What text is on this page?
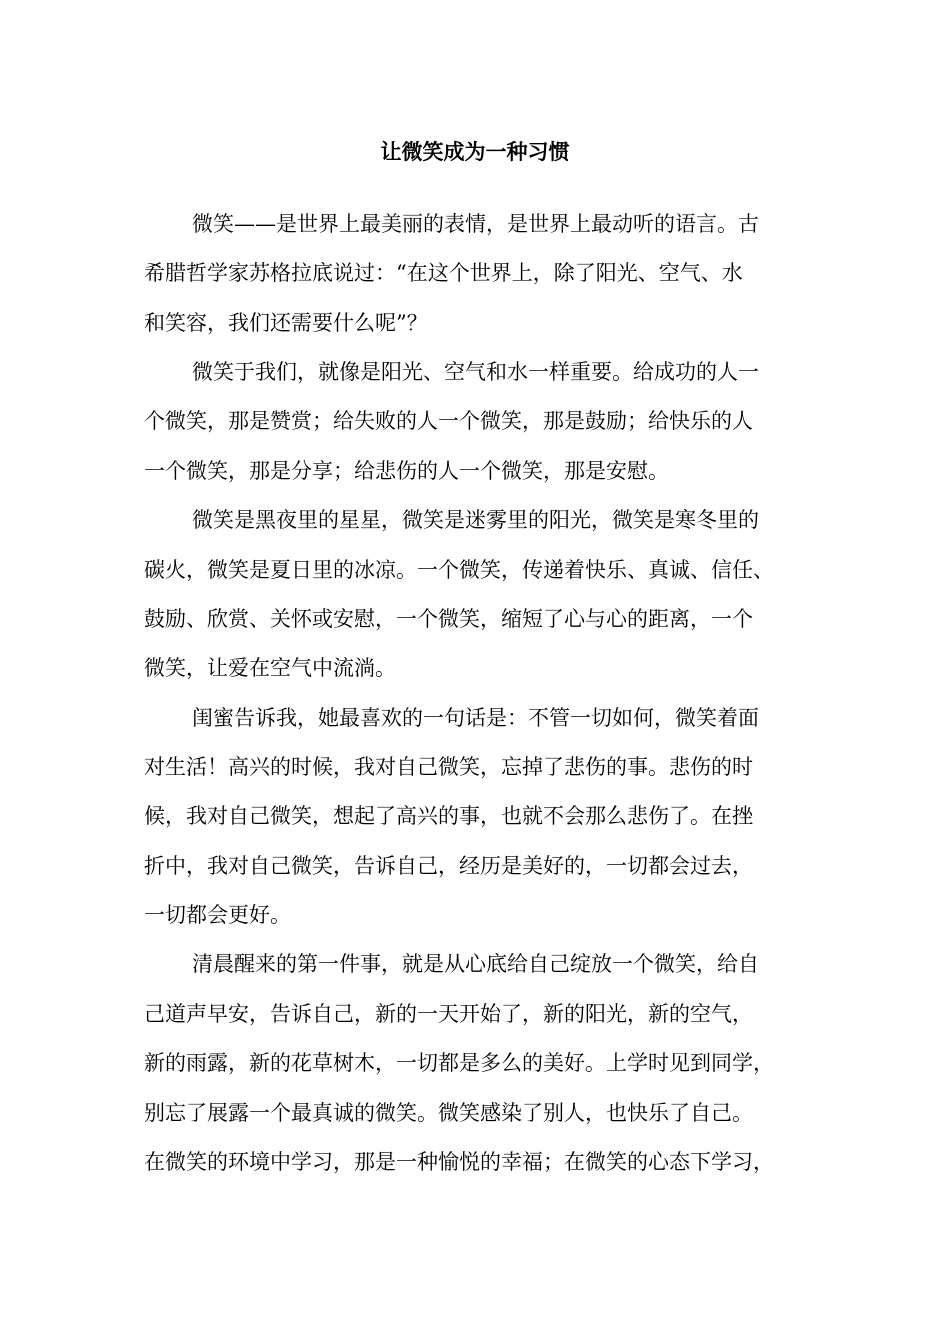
让微笑成为一种习惯

微笑——是世界上最美丽的表情，是世界上最动听的语言。古

希腊哲学家苏格拉底说过：“在这个世界上，除了阳光、空气、水

和笑容，我们还需要什么呢”？

微笑于我们，就像是阳光、空气和水一样重要。给成功的人一

个微笑，那是赞赏；给失败的人一个微笑，那是鼓励；给快乐的人

一个微笑，那是分享；给悲伤的人一个微笑，那是安慰。

微笑是黑夜里的星星，微笑是迷雾里的阳光，微笑是寒冬里的

碳火，微笑是夏日里的冰凉。一个微笑，传递着快乐、真诚、信任、

鼓励、欣赏、关怀或安慰，一个微笑，缩短了心与心的距离，一个

微笑，让爱在空气中流淌。

闺蜜告诉我，她最喜欢的一句话是：不管一切如何，微笑着面

对生活！高兴的时候，我对自己微笑，忘掉了悲伤的事。悲伤的时

候，我对自己微笑，想起了高兴的事，也就不会那么悲伤了。在挫

折中，我对自己微笑，告诉自己，经历是美好的，一切都会过去，

一切都会更好。

清晨醒来的第一件事，就是从心底给自己绽放一个微笑，给自

己道声早安，告诉自己，新的一天开始了，新的阳光，新的空气，

新的雨露，新的花草树木，一切都是多么的美好。上学时见到同学，

别忘了展露一个最真诚的微笑。微笑感染了别人，也快乐了自己。

在微笑的环境中学习，那是一种愉悦的幸福；在微笑的心态下学习，
